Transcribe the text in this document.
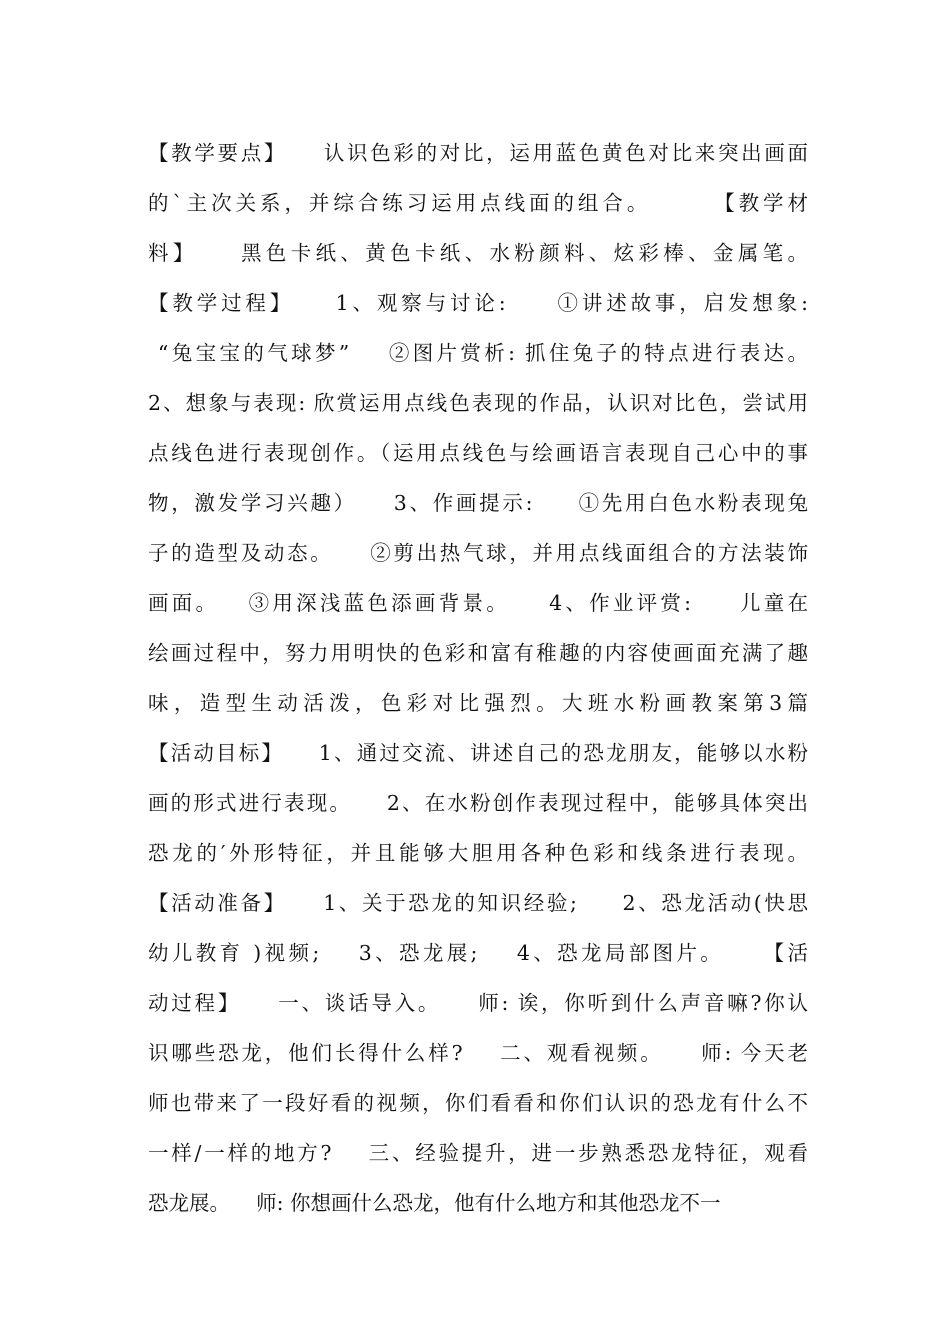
【教学要点】    认识色彩的对比，运用蓝色黄色对比来突出画面
的`主次关系，并综合练习运用点线面的组合。      【教学材
料】    黑色卡纸、黄色卡纸、水粉颜料、炫彩棒、金属笔。
【教学过程】    1、观察与讨论:     ①讲述故事，启发想象:
“兔宝宝的气球梦”    ②图片赏析: 抓住兔子的特点进行表达。
2、想象与表现: 欣赏运用点线色表现的作品，认识对比色，尝试用
点线色进行表现创作。（运用点线色与绘画语言表现自己心中的事
物，激发学习兴趣）    3、作画提示:     ①先用白色水粉表现兔
子的造型及动态。    ②剪出热气球，并用点线面组合的方法装饰
画面。   ③用深浅蓝色添画背景。    4、作业评赏:     儿童在
绘画过程中，努力用明快的色彩和富有稚趣的内容使画面充满了趣
味，造型生动活泼，色彩对比强烈。大班水粉画教案第3篇
【活动目标】    1、通过交流、讲述自己的恐龙朋友，能够以水粉
画的形式进行表现。    2、在水粉创作表现过程中，能够具体突出
恐龙的′外形特征，并且能够大胆用各种色彩和线条进行表现。
【活动准备】    1、关于恐龙的知识经验;     2、恐龙活动(快思
幼儿教育 )视频;    3、恐龙展;    4、恐龙局部图片。    【活
动过程】    一、谈话导入。    师: 诶，你听到什么声音嘛?你认
识哪些恐龙，他们长得什么样?    二、观看视频。    师: 今天老
师也带来了一段好看的视频，你们看看和你们认识的恐龙有什么不
一样/一样的地方?    三、经验提升，进一步熟悉恐龙特征，观看
恐龙展。    师: 你想画什么恐龙，他有什么地方和其他恐龙不一
